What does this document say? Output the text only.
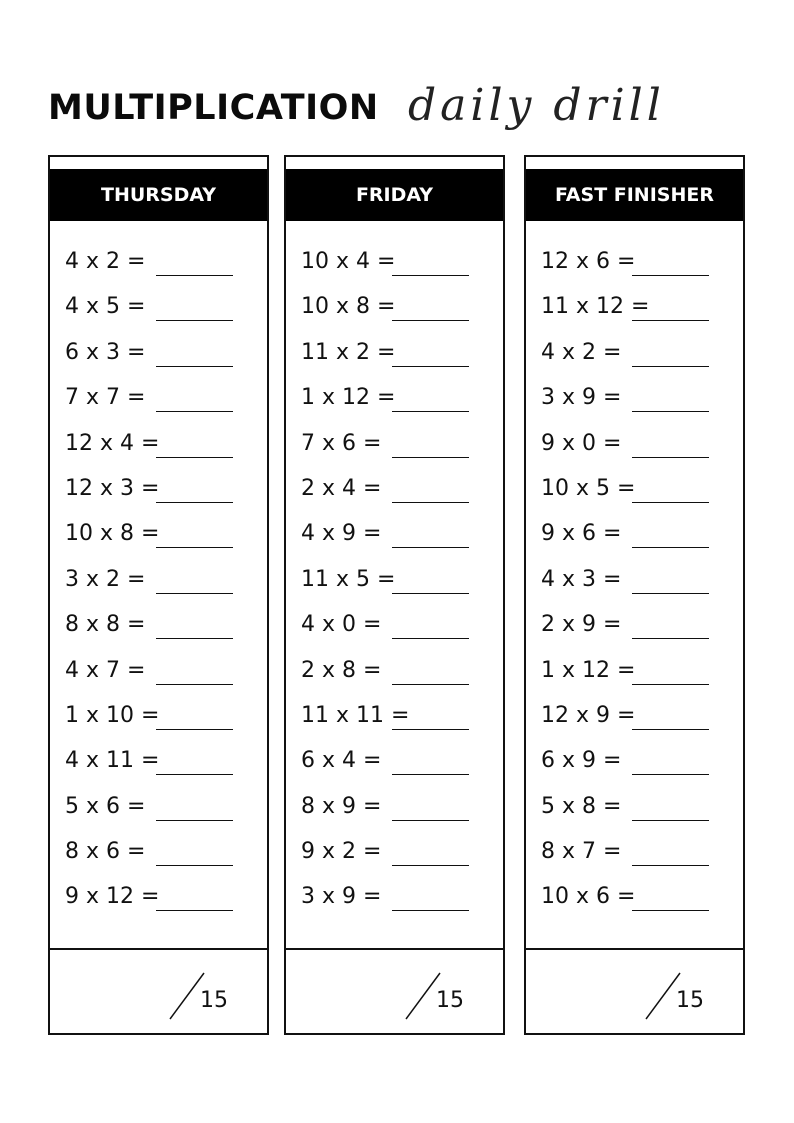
MULTIPLICATION daily drill
THURSDAY
4 x 2 =
4 x 5 =
6 x 3 =
7 x 7 =
12 x 4 =
12 x 3 =
10 x 8 =
3 x 2 =
8 x 8 =
4 x 7 =
1 x 10 =
4 x 11 =
5 x 6 =
8 x 6 =
9 x 12 =
15
FRIDAY
10 x 4 =
10 x 8 =
11 x 2 =
1 x 12 =
7 x 6 =
2 x 4 =
4 x 9 =
11 x 5 =
4 x 0 =
2 x 8 =
11 x 11 =
6 x 4 =
8 x 9 =
9 x 2 =
3 x 9 =
15
FAST FINISHER
12 x 6 =
11 x 12 =
4 x 2 =
3 x 9 =
9 x 0 =
10 x 5 =
9 x 6 =
4 x 3 =
2 x 9 =
1 x 12 =
12 x 9 =
6 x 9 =
5 x 8 =
8 x 7 =
10 x 6 =
15
